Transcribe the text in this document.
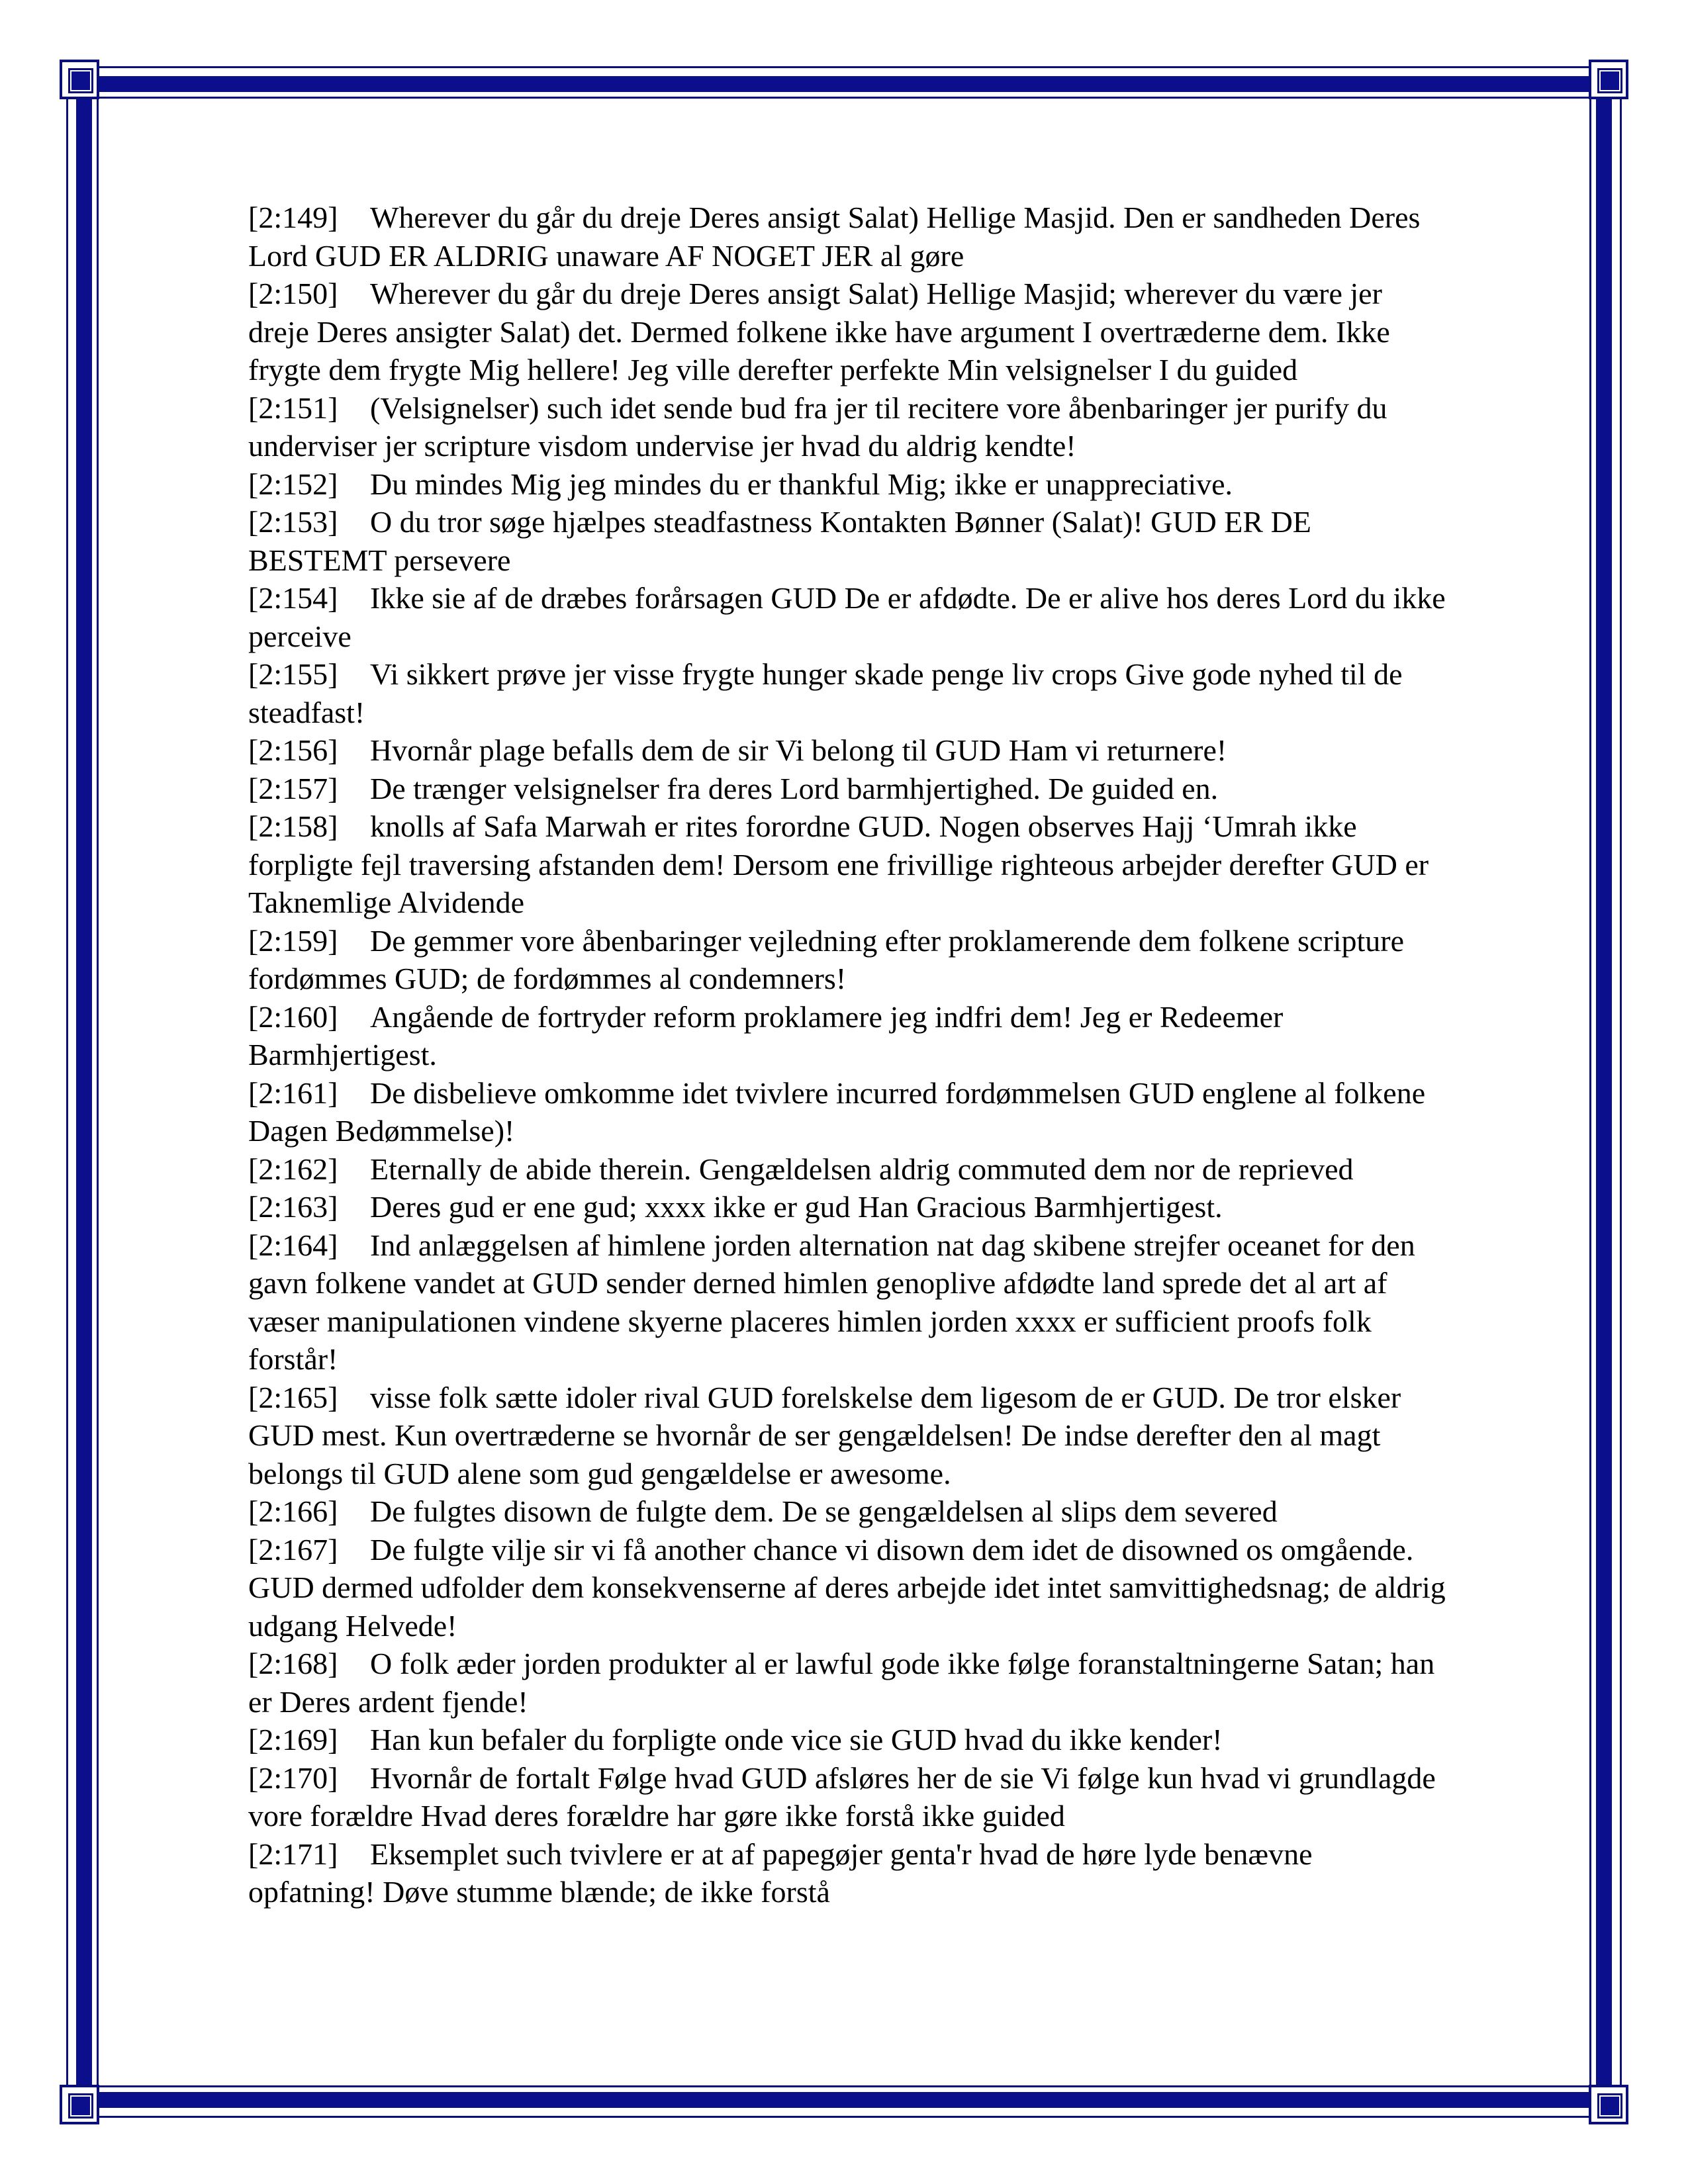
[2:149] Wherever du går du dreje Deres ansigt Salat) Hellige Masjid. Den er sandheden Deres Lord GUD ER ALDRIG unaware AF NOGET JER al gøre

[2:150] Wherever du går du dreje Deres ansigt Salat) Hellige Masjid; wherever du være jer dreje Deres ansigter Salat) det. Dermed folkene ikke have argument I overtræderne dem. Ikke frygte dem frygte Mig hellere! Jeg ville derefter perfekte Min velsignelser I du guided

[2:151] (Velsignelser) such idet sende bud fra jer til recitere vore åbenbaringer jer purify du underviser jer scripture visdom undervise jer hvad du aldrig kendte!

[2:152] Du mindes Mig jeg mindes du er thankful Mig; ikke er unappreciative.

[2:153] O du tror søge hjælpes steadfastness Kontakten Bønner (Salat)! GUD ER DE BESTEMT persevere

[2:154] Ikke sie af de dræbes forårsagen GUD De er afdødte. De er alive hos deres Lord du ikke perceive

[2:155] Vi sikkert prøve jer visse frygte hunger skade penge liv crops Give gode nyhed til de steadfast!

[2:156] Hvornår plage befalls dem de sir Vi belong til GUD Ham vi returnere!

[2:157] De trænger velsignelser fra deres Lord barmhjertighed. De guided en.

[2:158] knolls af Safa Marwah er rites forordne GUD. Nogen observes Hajj ‘Umrah ikke forpligte fejl traversing afstanden dem! Dersom ene frivillige righteous arbejder derefter GUD er Taknemlige Alvidende

[2:159] De gemmer vore åbenbaringer vejledning efter proklamerende dem folkene scripture fordømmes GUD; de fordømmes al condemners!

[2:160] Angående de fortryder reform proklamere jeg indfri dem! Jeg er Redeemer Barmhjertigest.

[2:161] De disbelieve omkomme idet tvivlere incurred fordømmelsen GUD englene al folkene Dagen Bedømmelse)!

[2:162] Eternally de abide therein. Gengældelsen aldrig commuted dem nor de reprieved

[2:163] Deres gud er ene gud; xxxx ikke er gud Han Gracious Barmhjertigest.

[2:164] Ind anlæggelsen af himlene jorden alternation nat dag skibene strejfer oceanet for den gavn folkene vandet at GUD sender derned himlen genoplive afdødte land sprede det al art af væser manipulationen vindene skyerne placeres himlen jorden xxxx er sufficient proofs folk forstår!

[2:165] visse folk sætte idoler rival GUD forelskelse dem ligesom de er GUD. De tror elsker GUD mest. Kun overtræderne se hvornår de ser gengældelsen! De indse derefter den al magt belongs til GUD alene som gud gengældelse er awesome.

[2:166] De fulgtes disown de fulgte dem. De se gengældelsen al slips dem severed

[2:167] De fulgte vilje sir vi få another chance vi disown dem idet de disowned os omgående. GUD dermed udfolder dem konsekvenserne af deres arbejde idet intet samvittighedsnag; de aldrig udgang Helvede!

[2:168] O folk æder jorden produkter al er lawful gode ikke følge foranstaltningerne Satan; han er Deres ardent fjende!

[2:169] Han kun befaler du forpligte onde vice sie GUD hvad du ikke kender!

[2:170] Hvornår de fortalt Følge hvad GUD afsløres her de sie Vi følge kun hvad vi grundlagde vore forældre Hvad deres forældre har gøre ikke forstå ikke guided

[2:171] Eksemplet such tvivlere er at af papegøjer genta'r hvad de høre lyde benævne opfatning! Døve stumme blænde; de ikke forstå
